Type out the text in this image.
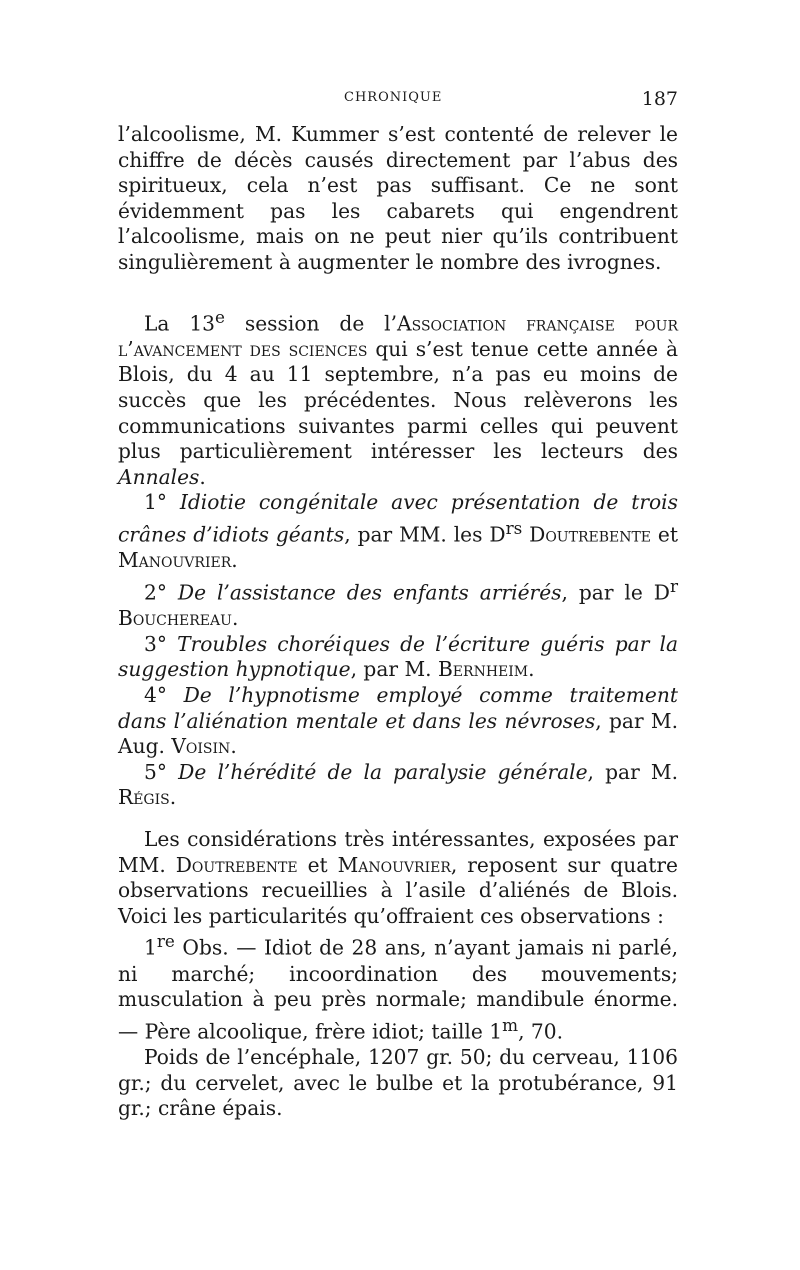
CHRONIQUE	187

l’alcoolisme, M. Kummer s’est contenté de relever le chiffre de décès causés directement par l’abus des spiritueux, cela n’est pas suffisant. Ce ne sont évidemment pas les cabarets qui engendrent l’alcoolisme, mais on ne peut nier qu’ils contribuent singulièrement à augmenter le nombre des ivrognes.

La 13e session de l’Association française pour l’avancement des sciences qui s’est tenue cette année à Blois, du 4 au 11 septembre, n’a pas eu moins de succès que les précédentes. Nous relèverons les communications suivantes parmi celles qui peuvent plus particulièrement intéresser les lecteurs des Annales.

1° Idiotie congénitale avec présentation de trois crânes d’idiots géants, par MM. les $D^{rs}$ Doutrebente et Manouvrier.

2° De l’assistance des enfants arriérés, par le $D^r$ Bouchereau.

3° Troubles choréiques de l’écriture guéris par la suggestion hypnotique, par M. Bernheim.

4° De l’hypnotisme employé comme traitement dans l’aliénation mentale et dans les névroses, par M. Aug. Voisin.

5° De l’hérédité de la paralysie générale, par M. Régis.

Les considérations très intéressantes, exposées par MM. Doutrebente et Manouvrier, reposent sur quatre observations recueillies à l’asile d’aliénés de Blois. Voici les particularités qu’offraient ces observations :

1re Obs. — Idiot de 28 ans, n’ayant jamais ni parlé, ni marché; incoordination des mouvements; musculation à peu près normale; mandibule énorme. — Père alcoolique, frère idiot; taille 1$^m$, 70.

Poids de l’encéphale, 1207 gr. 50; du cerveau, 1106 gr.; du cervelet, avec le bulbe et la protubérance, 91 gr.; crâne épais.
